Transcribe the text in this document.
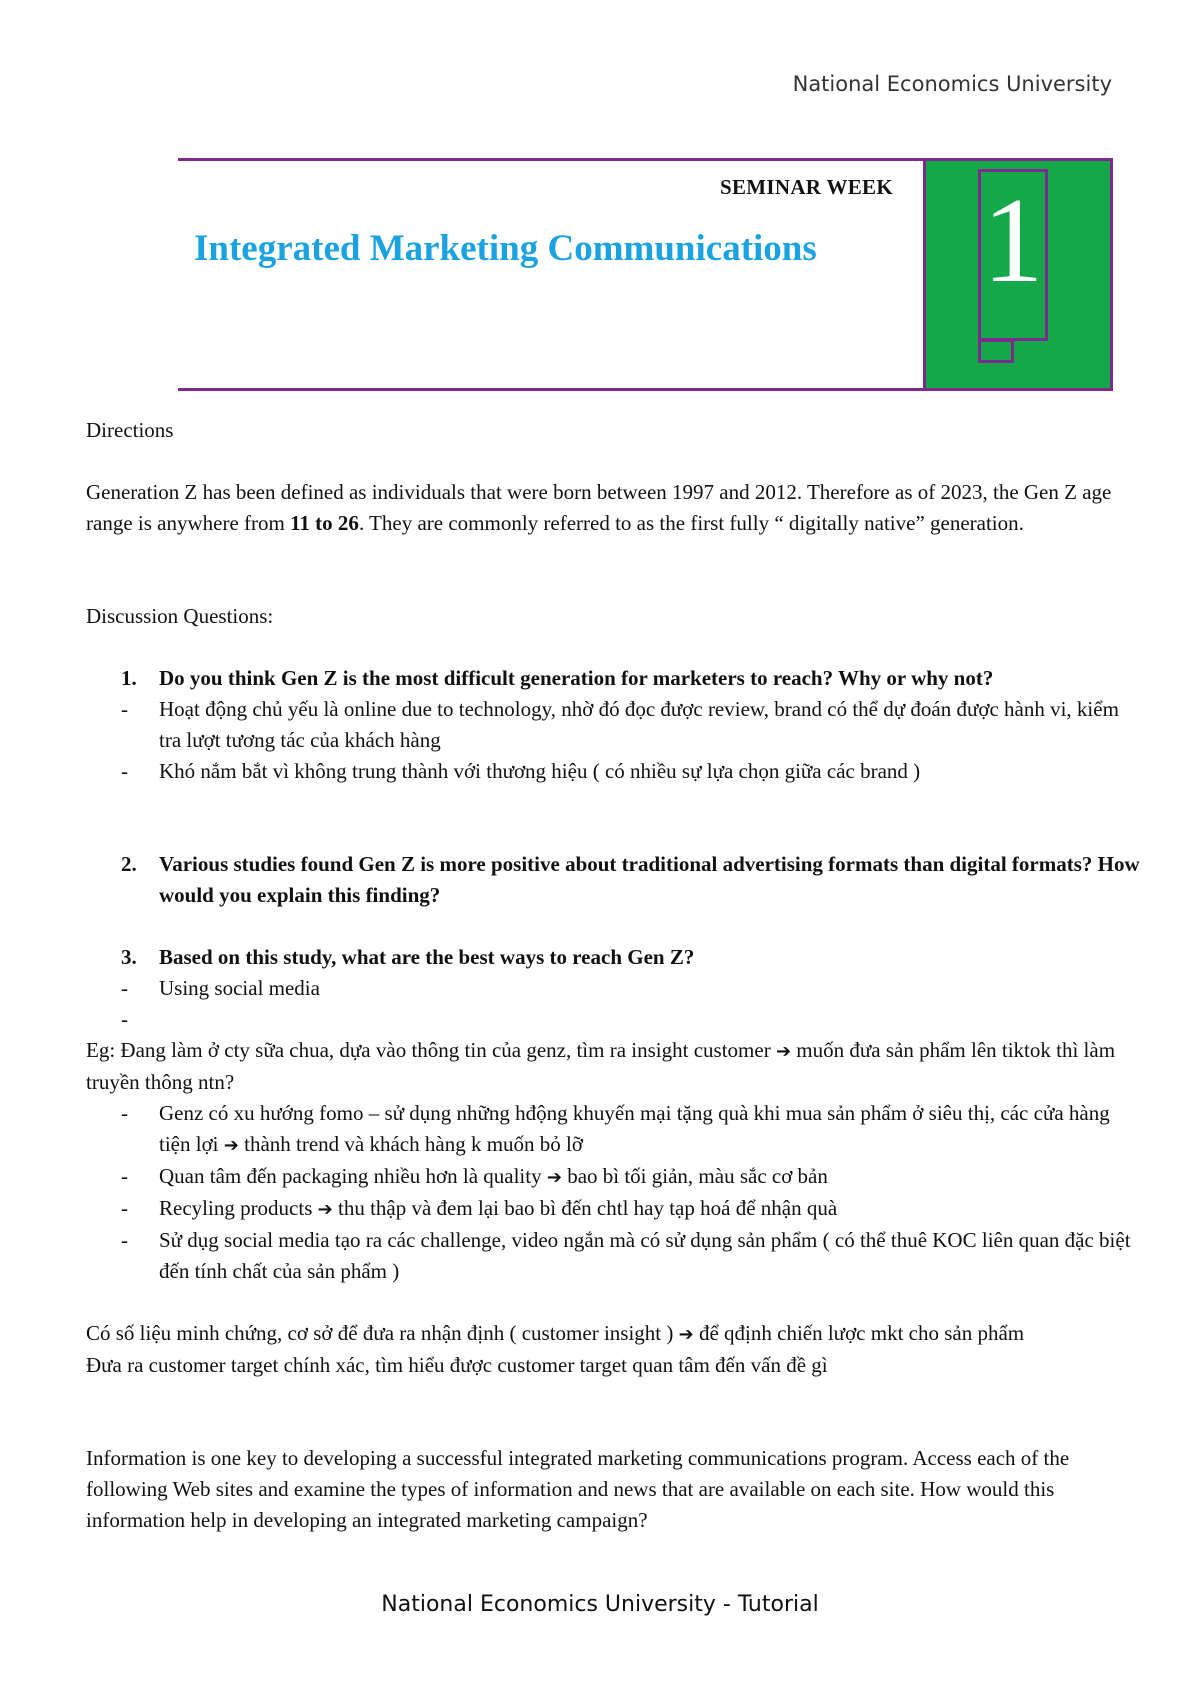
National Economics University
SEMINAR WEEK
Integrated Marketing Communications 1

Directions

Generation Z has been defined as individuals that were born between 1997 and 2012. Therefore as of 2023, the Gen Z age range is anywhere from 11 to 26. They are commonly referred to as the first fully “ digitally native” generation.

Discussion Questions:

1.	Do you think Gen Z is the most difficult generation for marketers to reach? Why or why not?
-	Hoạt động chủ yếu là online due to technology, nhờ đó đọc được review, brand có thể dự đoán được hành vi, kiểm tra lượt tương tác của khách hàng
-	Khó nắm bắt vì không trung thành với thương hiệu ( có nhiều sự lựa chọn giữa các brand )
2.	Various studies found Gen Z is more positive about traditional advertising formats than digital formats? How would you explain this finding?
3.	Based on this study, what are the best ways to reach Gen Z?
-	Using social media
-

Eg: Đang làm ở cty sữa chua, dựa vào thông tin của genz, tìm ra insight customer ➔ muốn đưa sản phẩm lên tiktok thì làm truyền thông ntn?

-	Genz có xu hướng fomo – sử dụng những hđộng khuyến mại tặng quà khi mua sản phẩm ở siêu thị, các cửa hàng tiện lợi ➔ thành trend và khách hàng k muốn bỏ lỡ
-	Quan tâm đến packaging nhiều hơn là quality ➔ bao bì tối giản, màu sắc cơ bản
-	Recyling products ➔ thu thập và đem lại bao bì đến chtl hay tạp hoá để nhận quà
-	Sử dụg social media tạo ra các challenge, video ngắn mà có sử dụng sản phẩm ( có thể thuê KOC liên quan đặc biệt đến tính chất của sản phẩm )

Có số liệu minh chứng, cơ sở để đưa ra nhận định ( customer insight ) ➔ để qđịnh chiến lược mkt cho sản phẩm

Đưa ra customer target chính xác, tìm hiểu được customer target quan tâm đến vấn đề gì

Information is one key to developing a successful integrated marketing communications program. Access each of the following Web sites and examine the types of information and news that are available on each site. How would this information help in developing an integrated marketing campaign?

National Economics University - Tutorial
